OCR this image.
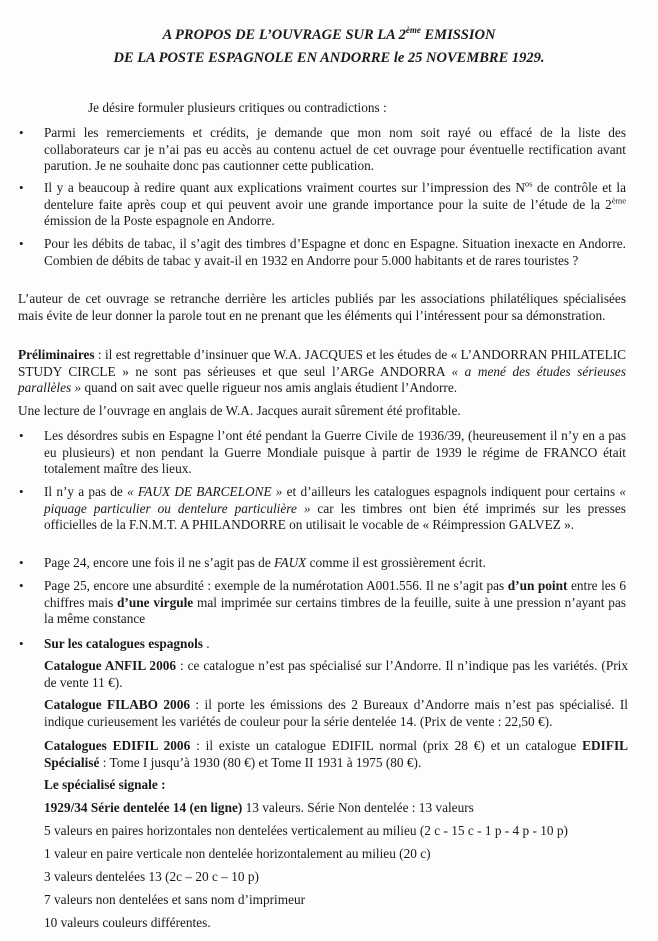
A PROPOS DE L’OUVRAGE SUR LA 2ème EMISSION
DE LA POSTE ESPAGNOLE EN ANDORRE le 25 NOVEMBRE 1929.
Je désire formuler plusieurs critiques ou contradictions :
• Parmi les remerciements et crédits, je demande que mon nom soit rayé ou effacé de la liste des collaborateurs car je n’ai pas eu accès au contenu actuel de cet ouvrage pour éventuelle rectification avant parution. Je ne souhaite donc pas cautionner cette publication.
• Il y a beaucoup à redire quant aux explications vraiment courtes sur l’impression des $N^{os}$ de contrôle et la dentelure faite après coup et qui peuvent avoir une grande importance pour la suite de l’étude de la 2ème émission de la Poste espagnole en Andorre.
• Pour les débits de tabac, il s’agit des timbres d’Espagne et donc en Espagne. Situation inexacte en Andorre. Combien de débits de tabac y avait-il en 1932 en Andorre pour 5.000 habitants et de rares touristes ?
L’auteur de cet ouvrage se retranche derrière les articles publiés par les associations philatéliques spécialisées mais évite de leur donner la parole tout en ne prenant que les éléments qui l’intéressent pour sa démonstration.
Préliminaires : il est regrettable d’insinuer que W.A. JACQUES et les études de « L’ANDORRAN PHILATELIC STUDY CIRCLE » ne sont pas sérieuses et que seul l’ARGe ANDORRA « a mené des études sérieuses parallèles » quand on sait avec quelle rigueur nos amis anglais étudient l’Andorre.
Une lecture de l’ouvrage en anglais de W.A. Jacques aurait sûrement été profitable.
• Les désordres subis en Espagne l’ont été pendant la Guerre Civile de 1936/39, (heureusement il n’y en a pas eu plusieurs) et non pendant la Guerre Mondiale puisque à partir de 1939 le régime de FRANCO était totalement maître des lieux.
• Il n’y a pas de « FAUX DE BARCELONE » et d’ailleurs les catalogues espagnols indiquent pour certains « piquage particulier ou dentelure particulière » car les timbres ont bien été imprimés sur les presses officielles de la F.N.M.T. A PHILANDORRE on utilisait le vocable de « Réimpression GALVEZ ».
• Page 24, encore une fois il ne s’agit pas de FAUX comme il est grossièrement écrit.
• Page 25, encore une absurdité : exemple de la numérotation A001.556. Il ne s’agit pas d’un point entre les 6 chiffres mais d’une virgule mal imprimée sur certains timbres de la feuille, suite à une pression n’ayant pas la même constance
• Sur les catalogues espagnols .
Catalogue ANFIL 2006 : ce catalogue n’est pas spécialisé sur l’Andorre. Il n’indique pas les variétés. (Prix de vente 11 €).
Catalogue FILABO 2006 : il porte les émissions des 2 Bureaux d’Andorre mais n’est pas spécialisé. Il indique curieusement les variétés de couleur pour la série dentelée 14. (Prix de vente : 22,50 €).
Catalogues EDIFIL 2006 : il existe un catalogue EDIFIL normal (prix 28 €) et un catalogue EDIFIL Spécialisé : Tome I jusqu’à 1930 (80 €) et Tome II 1931 à 1975 (80 €).
Le spécialisé signale :
1929/34 Série dentelée 14 (en ligne) 13 valeurs. Série Non dentelée : 13 valeurs
5 valeurs en paires horizontales non dentelées verticalement au milieu (2 c - 15 c - 1 p - 4 p - 10 p)
1 valeur en paire verticale non dentelée horizontalement au milieu (20 c)
3 valeurs dentelées 13 (2c – 20 c – 10 p)
7 valeurs non dentelées et sans nom d’imprimeur
10 valeurs couleurs différentes.
